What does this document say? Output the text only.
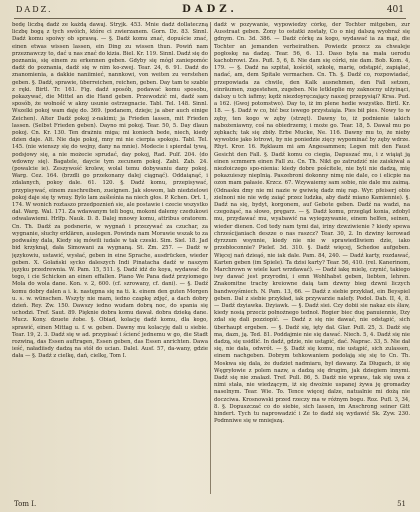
DADZ.	DADZ.	401

bedę liczbą dadź ze każdą dawaj. Stryjk. 453. Mnie dadź dollateczną liczbę bogą z tych swóich, które ci zwierzanem. Gorn. Dz. 83. Sinnl. Dadź komu spoiwy ob sprawą. — §. Dadź komu znać, dopuście znać, einen etwas wissen lassen, ein Ding zu wissen thun. Powiń nam przeznawczy to, dać u nas znać do kizia. Biel. Kr. 119. Sinnl. Dadź się do poznania, się einem zu erkennen geben. Gdyby się mógł zaniepomóc dadź do poznania, dadź się w nim ko-zwej. Tear. 24, 6. 91. Dadź do znanomienia, a dakkie naniimieć, nannkowi, von weiten zu verstehen geben. §. Dadź, sprawie, überreichen, reichen, geben. Day tam te szable z ręki. Birtl. Tr. 161. Fig. dadź sposób, podawać komu sposobu, pokazywać, die Mittel an die Hand geben. Przewodzić mi, dadź sam sposób, że wołność w akny usunie ostrzegnacie. Tabl. Tel. 148. Sinnl. Wszelki pokoj wam daję do. 369. (podanem, dzieje; ja aber auch einige Zeichen). Alter Dadź pokoj z-nakimi; ja Frieden lassen, mit Frieden lassen. (Selbst Frieden geben). Dayno mi pokoj. Tear. 50, 5. Day dlaun pokoj. Cn. Kr. 130. Ten drażniu miga; mi koniech bede, niech, kiedy dzien daje. Alt. Nie daje pokoj, mny mi nie cierpia spokoju. Tabl. Tel. 145. (nie wienszy się do wojny, dany na mnie). Modecie i spierdal tywą, podsjowy się, a nie możecie sprudać, day pokoj, Rad. Pulf. 204. (do wdowny się). Bagatele, daycie tym zecunem pokoj. Zabl. Zab. 24. (powalcie ie). Zeszywość krolew, wolal temu dobywaniu dany pokoj. Warg. Cez. 164. (brzdli go przekonany dalej ciągnąć). Oddaiąnąć, i zdalanych, pokoy dale. 61. 120. §. Dadź komu, przepisywać, przypisywać, einem zuschreiben, zueignen. Jak słowom, lab niedzielowi pokoj daje się ty wnuy. Bylo lam zaśleśnia na niech głos. P. Kchen. Ort. 1, 174. W wonich roztaszo przedpoznień sie, ale postawie i czecie wszystko dał. Warg. Wal. 171. Za wdawanym teli bogu, mokoni dałemy czedukowi odwalawiemi. Hrlfp. Nauk. D. 8. Dalej mnowy komu, attribus oratorem. Cn. Th. Dadź za podsnerie, w wygnań i przezywać za czuchar, za wygnanie, słuchy erklären, auslegen. Powinds nam Morawie wszak to za podwaśny dala, Kiedy się mówili iudale w tak czeski. Sim. Siel. 18. Jad bid krzyknął, dała Simowani za wygnaną. St. Zm. 257. — Dadź w językowiu, ustawić, wysłać, geben in eine Sprache, ausdrücken, wieder geben. X. Golański sycko daleszych Indi Pinatacha dadź w naszym języku przedrewnia. W. Pam. 15, 511. §. Dadź idź do koya, wydawać do tego, i cie Schicken an einen effallen. Piano We Pana dadź przyiomego Mola do wola dane. Kon. v. 2, 600. (cf. szrowany, cf. dani). — §. Dadź komu dobry dalen a i. k. następna się na ti. k. einem den guten Morgen u. s. w. wünschen. Wszyty nie mam, iedno czapkę zdjęć, a dach dobry dzień. Rey. Zw. 150. Dawszy iedno wudam dobrą noc, do spania się uchodzi. Tref. Saut. 89. Pięknie dobra komu dawał. dobra dzieką dane. Mucz. Kony. dzuete źobe. §. Obiad, kolację dadź komu, dla kogo, sprawić, einen Mittag u. f. w. geben. Dawny mu kolacyję dali u siebie. Tear. 19, 2. 3. Dadź się w ad. przypisać i ścienć jednemu w go, die Stadt rozwiną, das Essen auftragen, Essen geben, das Essen anrichten. Dawa ieść, naładiisdy dadzą na stół do ucian. Dalel. Ausf. 57, da-wany, gdzie dała — §. Dadź z cielkę, dań, cielkę, Tom I.

dadź w pozywanie, wypowiedzy córkę, der Tochter mitgeben, zur Ausstraat geben. Żony to ostatki zostały, Co o niej dalszą wyobraź się gdnym. Cn. 3d. 386. — Dadź córkę za kogo, wydawać ia za mąż, die Tochter an jemanden verheirathen. Powiedz przecz za chwaleje pogłoskę na dadzę. Tear. 56, 6. 13. Daso była na mała uerodu kachobrowi. Zes. Pufl. 5, 6, 8. Nie dam się córki, nie dam. Bob. Kom. 4, 179. — §. Dadź na szpital, kościół, szkołę, marię, odstąpić, zapiąłać, nadać, am, dem Spitale vermachen. Cn. Th. §. Dadź co, rozpowiadać, przepowiada za chwile, den Kalk ausnehmen, den Fall setzen, einräumen, zugestehen, zugeben. Nie letkleplie my zaknocny ulżyinąci, dalszy u tch iafimy; kędż niezdoyręczający naszej przepysiąi? Krsa. Pud. a 162. (Gwoj potomstwo). Day to, iż im plene hedie wszystko. Birtl. Kr. 18. — §. Dadź w co, bić bez iswego przystaiąia. Pies bił pies. Nowy to w zęby, ten kogo w zęby (strzęt). Dawny to, iż podnienie iakich nabożeniawny, coś na obiedrzemy, i może go. Tear. 18, 5. Dawał mu po zębkach; tak się zbiły. Erbe Mucke, Ne. 116. Dawny mu to, że nieby wywołzie jako lotrowi, by nie poniedzie zięcy wypominać by zęby wdrze. Rhyt. Kror. 16. Ręklaum mi am Angesammen; Legen mit den Faust Gesicht den Fall. §. Dadź komu co ciegia, Dapuszać mu, i z wiąiąt ją einen scmmern einen Fall zu. Cn. Th. Nikt go zatrudzić nie zaiskiwał a niezłoiczego spo-nienia: kiedy dobre pościtele, nie byli nie dadzą, mię pokazuieszy nieplnią. Paszebroni dokonny nimę nie dale, co i elicpie na ozon mam pałasie. Krzcz. 67. Wzywaiemy sam sobie, nie dale mu zaimą. (Odnasku dmy nie mi nazie w gwiwię dadz mię rap. Wyr. pfeiserj obio zielnoni nie nie wdę zaiąć przez ludzka, aby dadź miano Kamiennie). §. Dadź na się, bydyt, korgonem, auf Gebote geben. Dadź na wadzi, na czegożąsć, na słowo, pręgarz. — §. Dadź komu, przegląd konia, zdobyl mu, przydawać mu, wyabawić na wyiegzywanie, einem helfen, seinen, wieder dienen. Cod tedy nam tymi dai, iriny dzwziwienie ? kiedy spewa chrześcijaniach deszze o nas raszcz? Tear. 30, 2. In dzwiny kerowad dyrzzum wsynnie, kiedy nie nie w sprawiedliwiem dzie, iako przebłoconnie? Pielef. 3d. 310. §. Dadź więcej, Schedoe aufgeben. Więcej nań dzieąó, nie iak dale. Pam. 84, 240. — Dadź karty, rozdawać, Karten geben (im Spiele). Ta dzisi karty? Tear. 56, 410. (rel. Kanerinom, Marchrown w wiele kart wrzdawać). — Dadź iakę mielę, czynić, takiego iwy dawać jest przyrodni, i emn Wohlhabst geben, liebten, lehren. Znakomitne tracby kreiowne daią tam dzwny bieg dzwni liczych bandwoyśmiech. N. Pam. 13, 66. — Dadź z siebie przykład, ein Beyspiel geben. Dał z siebie przykład, iak przywarzie nalefy. Podol. Dab. II, 4, 8. — Dadź dzyiawka. Dzyiawk. — §. Dadź siei. Czy dobii sie nakaz eis ślaw, kiedy nosią przeciz połnożnego tednoł. Rogier biec duę panuiennie, Dzy zdał się dali pozziopić. — Dadź z się nie dawać, nie odstąpić, sich überhaupt ergeben. — §. Dadź się, ięty dał. Glar. Pull. 25, 3. Dadź się ma, dazn, ją. Ted. 81. Poddajmie nie się dawać. Niech. 5, 4. Dadź się nie dadzą, się usidlić. In dadź, gdzie, nie ustąpić, dać. Naprac. 33, 5. Nie dał się, nie dała, odwrót. — §. Dadź się komu, nie ustąpić, sich zulassen, einem nachgeben. Dobrym tehkowaniem podolają się się to Cn. Th. Moskwa się dala, że dudziet nadmiaru, był dawany. Za Długach, iż się Węgryłowie z polem nazw, a dadzą się drugim, jak dziegiem innymi. Dadź się nie znalazł. Tref. Pull. 86, 5. Dadź nie wpraw., tak się uwa z nimi stała, nie wiedzącym, iż się dwożnie uspanej żywa ję gromadzy naselnym. Tear. Wie. To. Tence więcej dalze, natualnie mi dożą nie doczciwa. Krosnowski przed rzeczy ma w różnym bogu. Roz. Pufl. 3, 34, 8. §. Dopuszczać co do siebie, sich lassen, im Anschrong seiner Gitt hindert. Tych tu naprowadzić i Ze to dadź się wydawić Sk. Zyw. 230. Podmniwe się w mniejszą.

Tom I.	51
